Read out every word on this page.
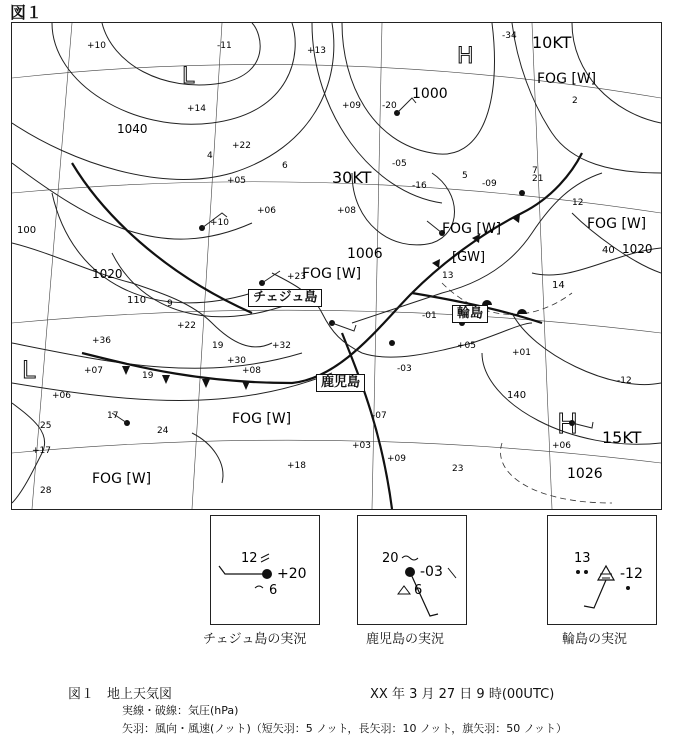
図１
L
L
H
H
1040
1000
1020
1006	1020
1026
100
110
140
40
14
FOG [W]
FOG [W]	FOG [W]
FOG [W]
FOG [W]
FOG [W]
[GW]
30KT
15KT
10KT
-11	+13
-34
+10
+14	+09
+22
+05
-05
-09
+06	+08
+10
21
+23
+22
+36
+07
+06
+30
+32
+08
-07
-03
+05
+06
13
23
25
28
19
17
+18
24
-01
+01
+03
+09
12
-12
-20
-16
+17
19
9
5
4
2
6	7
チェジュ島
鹿児島
輪島
12
+20
6
チェジュ島の実況
20
-03
6
鹿児島の実況
13
-12
輪島の実況
図１　地上天気図	XX 年 3 月 27 日 9 時(00UTC)
実線・破線：気圧(hPa)
矢羽：風向・風速(ノット)（短矢羽：5 ノット，長矢羽：10 ノット，旗矢羽：50 ノット）
